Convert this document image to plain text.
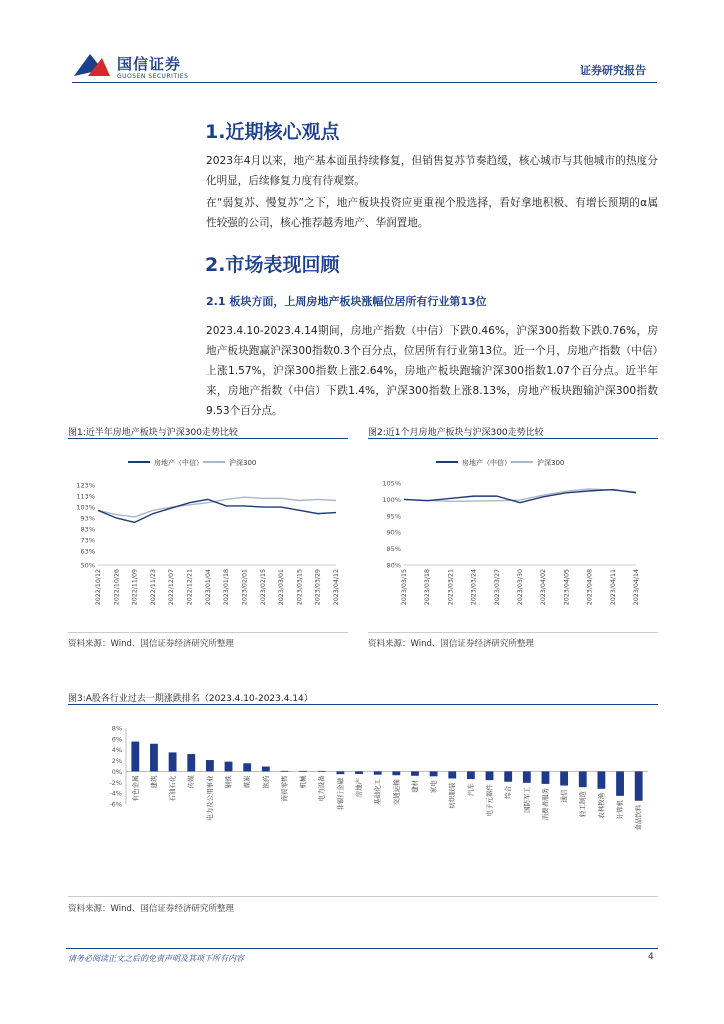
国信证券
GUOSEN SECURITIES	证券研究报告
1.近期核心观点
2023年4月以来，地产基本面虽持续修复，但销售复苏节奏趋缓，核心城市与其他城市的热度分化明显，后续修复力度有待观察。
在“弱复苏、慢复苏”之下，地产板块投资应更重视个股选择，看好拿地积极、有增长预期的α属性较强的公司，核心推荐越秀地产、华润置地。
2.市场表现回顾
2.1 板块方面，上周房地产板块涨幅位居所有行业第13位
2023.4.10-2023.4.14期间，房地产指数（中信）下跌0.46%，沪深300指数下跌0.76%，房地产板块跑赢沪深300指数0.3个百分点，位居所有行业第13位。近一个月，房地产指数（中信）上涨1.57%，沪深300指数上涨2.64%，房地产板块跑输沪深300指数1.07个百分点。近半年来，房地产指数（中信）下跌1.4%，沪深300指数上涨8.13%，房地产板块跑输沪深300指数9.53个百分点。
图1:近半年房地产板块与沪深300走势比较
房地产（中信）	沪深300
123%
113%
103%
93%
83%
73%
63%
50%
2022/10/12 2022/10/26 2022/11/09 2022/11/23 2022/12/07 2022/12/21 2023/01/04 2023/01/18 2023/02/01 2023/02/15 2023/03/01 2023/03/15 2023/03/29 2023/04/12
资料来源：Wind、国信证券经济研究所整理
图2:近1个月房地产板块与沪深300走势比较
房地产（中信）	沪深300
105%
100%
95%
90%
85%
80%
2023/03/15	2023/03/18	2023/03/21	2023/03/24	2023/03/27	2023/03/30	2023/04/02	2023/04/05	2023/04/08	2023/04/11	2023/04/14
资料来源：Wind、国信证券经济研究所整理
图3:A股各行业过去一期涨跌排名（2023.4.10-2023.4.14）
8%
6%
4%
2%
0%
-2%
-4%
-6%
有色金属 建筑 石油石化 传媒 电力及公用事业 钢铁 煤炭 医药 商贸零售 机械 电力设备 非银行金融 房地产 基础化工 交通运输 建材 家电 纺织服装 汽车 电子元器件 综合 国防军工 消费者服务 通信 轻工制造 农林牧渔 计算机 食品饮料
资料来源：Wind、国信证券经济研究所整理
请务必阅读正文之后的免责声明及其项下所有内容	4
